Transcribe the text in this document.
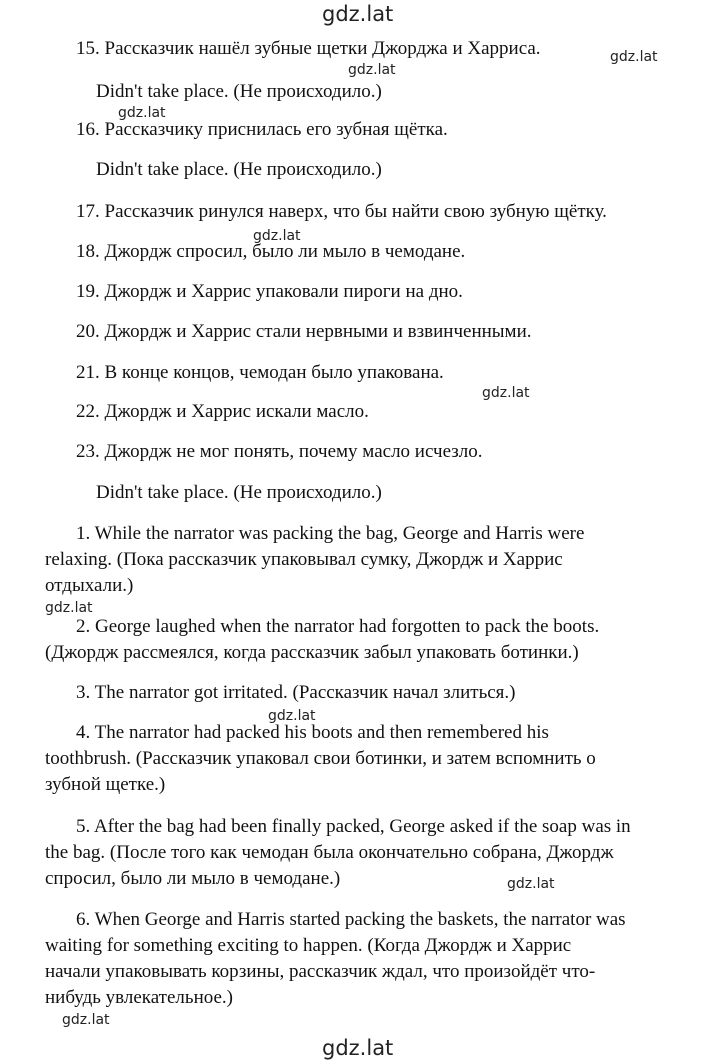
gdz.lat
gdz.lat
gdz.lat
gdz.lat
gdz.lat
gdz.lat
gdz.lat
gdz.lat
gdz.lat
gdz.lat
gdz.lat
15. Рассказчик нашёл зубные щетки Джорджа и Харриса.
Didn't take place. (Не происходило.)
16. Рассказчику приснилась его зубная щётка.
Didn't take place. (Не происходило.)
17. Рассказчик ринулся наверх, что бы найти свою зубную щётку.
18. Джордж спросил, было ли мыло в чемодане.
19. Джордж и Харрис упаковали пироги на дно.
20. Джордж и Харрис стали нервными и взвинченными.
21. В конце концов, чемодан было упакована.
22. Джордж и Харрис искали масло.
23. Джордж не мог понять, почему масло исчезло.
Didn't take place. (Не происходило.)
1. While the narrator was packing the bag, George and Harris were
relaxing. (Пока рассказчик упаковывал сумку, Джордж и Харрис
отдыхали.)
2. George laughed when the narrator had forgotten to pack the boots.
(Джордж рассмеялся, когда рассказчик забыл упаковать ботинки.)
3. The narrator got irritated. (Рассказчик начал злиться.)
4. The narrator had packed his boots and then remembered his
toothbrush. (Рассказчик упаковал свои ботинки, и затем вспомнить о
зубной щетке.)
5. After the bag had been finally packed, George asked if the soap was in
the bag. (После того как чемодан была окончательно собрана, Джордж
спросил, было ли мыло в чемодане.)
6. When George and Harris started packing the baskets, the narrator was
waiting for something exciting to happen. (Когда Джордж и Харрис
начали упаковывать корзины, рассказчик ждал, что произойдёт что-
нибудь увлекательное.)
